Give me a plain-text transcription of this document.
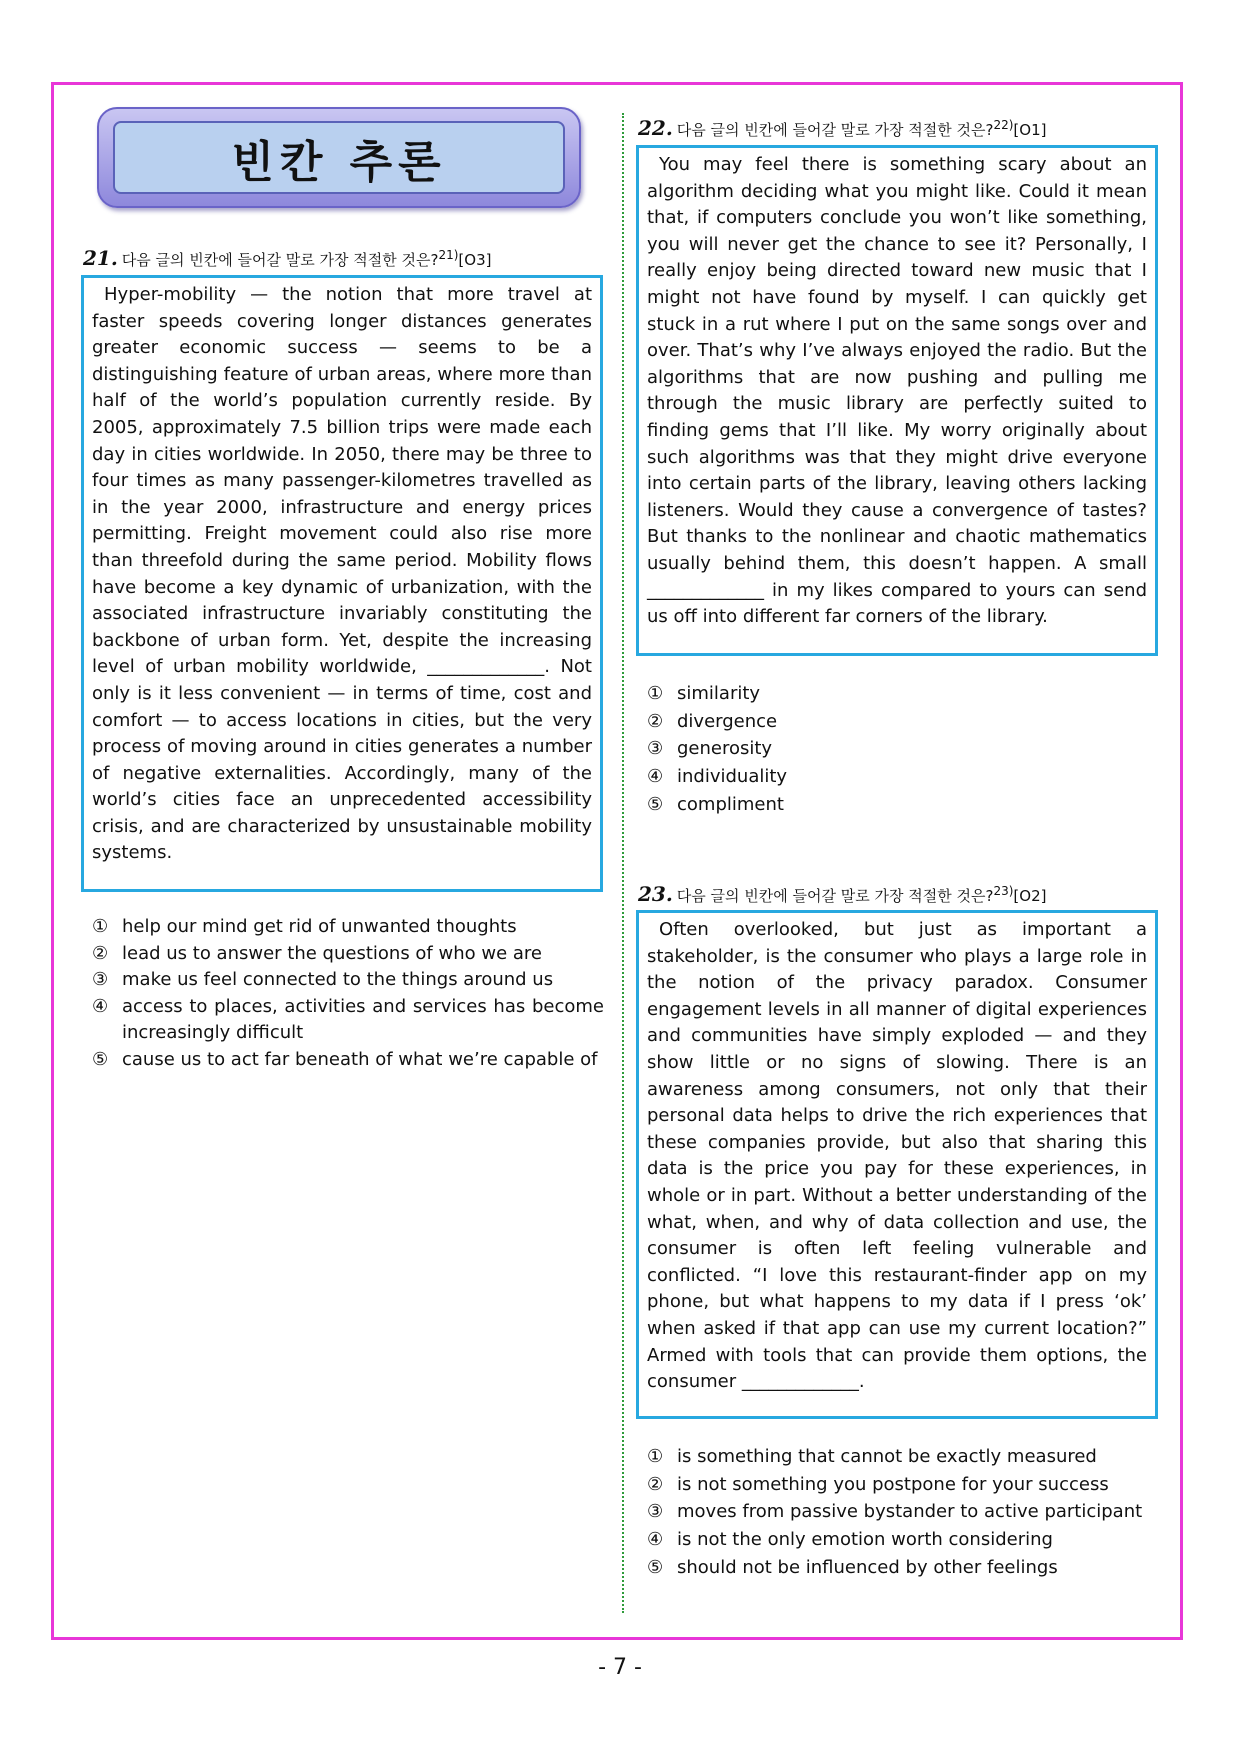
빈칸 추론
21. 다음 글의 빈칸에 들어갈 말로 가장 적절한 것은?$^{21)}$[O3]
Hyper-mobility — the notion that more travel at faster speeds covering longer distances generates greater economic success — seems to be a distinguishing feature of urban areas, where more than half of the world’s population currently reside. By 2005, approximately 7.5 billion trips were made each day in cities worldwide. In 2050, there may be three to four times as many passenger-kilometres travelled as in the year 2000, infrastructure and energy prices permitting. Freight movement could also rise more than threefold during the same period. Mobility flows have become a key dynamic of urbanization, with the associated infrastructure invariably constituting the backbone of urban form. Yet, despite the increasing level of urban mobility worldwide, _____________. Not only is it less convenient — in terms of time, cost and comfort — to access locations in cities, but the very process of moving around in cities generates a number of negative externalities. Accordingly, many of the world’s cities face an unprecedented accessibility crisis, and are characterized by unsustainable mobility systems.
① help our mind get rid of unwanted thoughts
② lead us to answer the questions of who we are
③ make us feel connected to the things around us
④ access to places, activities and services has become increasingly difficult
⑤ cause us to act far beneath of what we’re capable of
22. 다음 글의 빈칸에 들어갈 말로 가장 적절한 것은?$^{22)}$[O1]
You may feel there is something scary about an algorithm deciding what you might like. Could it mean that, if computers conclude you won’t like something, you will never get the chance to see it? Personally, I really enjoy being directed toward new music that I might not have found by myself. I can quickly get stuck in a rut where I put on the same songs over and over. That’s why I’ve always enjoyed the radio. But the algorithms that are now pushing and pulling me through the music library are perfectly suited to finding gems that I’ll like. My worry originally about such algorithms was that they might drive everyone into certain parts of the library, leaving others lacking listeners. Would they cause a convergence of tastes? But thanks to the nonlinear and chaotic mathematics usually behind them, this doesn’t happen. A small _____________ in my likes compared to yours can send us off into different far corners of the library.
① similarity
② divergence
③ generosity
④ individuality
⑤ compliment
23. 다음 글의 빈칸에 들어갈 말로 가장 적절한 것은?$^{23)}$[O2]
Often overlooked, but just as important a stakeholder, is the consumer who plays a large role in the notion of the privacy paradox. Consumer engagement levels in all manner of digital experiences and communities have simply exploded — and they show little or no signs of slowing. There is an awareness among consumers, not only that their personal data helps to drive the rich experiences that these companies provide, but also that sharing this data is the price you pay for these experiences, in whole or in part. Without a better understanding of the what, when, and why of data collection and use, the consumer is often left feeling vulnerable and conflicted. “I love this restaurant-finder app on my phone, but what happens to my data if I press ‘ok’ when asked if that app can use my current location?” Armed with tools that can provide them options, the consumer _____________.
① is something that cannot be exactly measured
② is not something you postpone for your success
③ moves from passive bystander to active participant
④ is not the only emotion worth considering
⑤ should not be influenced by other feelings
- 7 -
